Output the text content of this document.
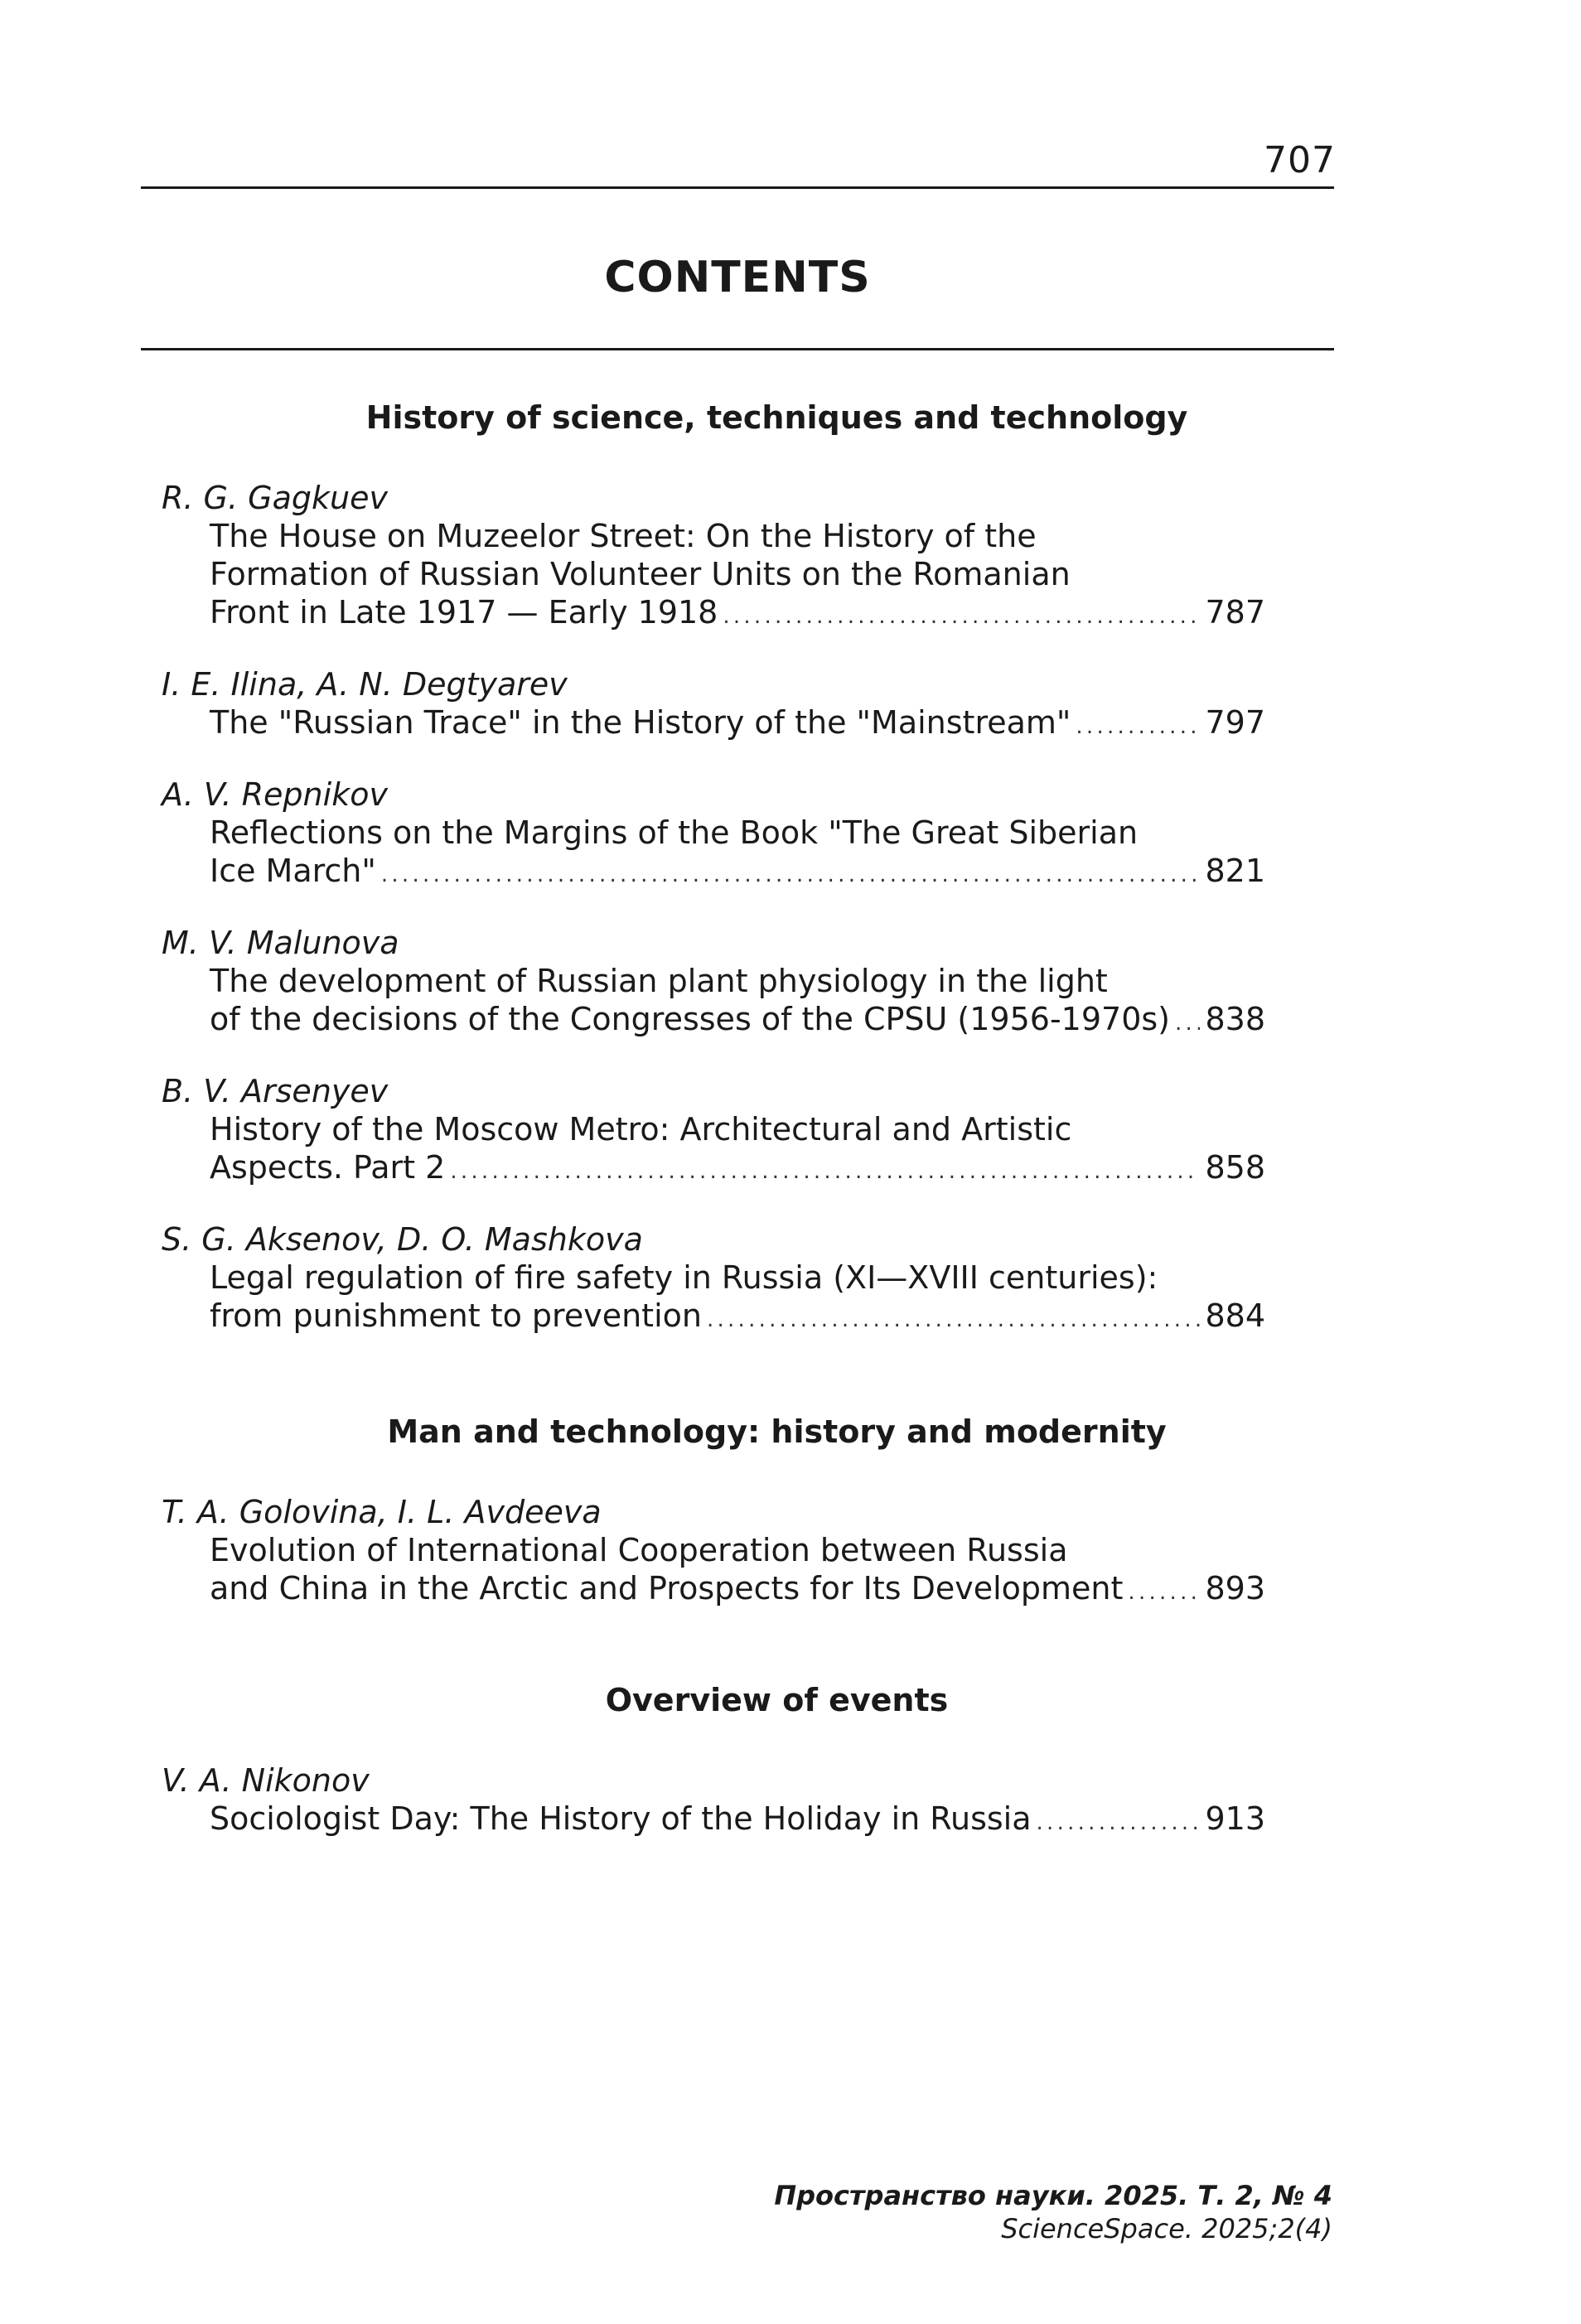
707
CONTENTS
History of science, techniques and technology
R. G. Gagkuev
The House on Muzeelor Street: On the History of the
Formation of Russian Volunteer Units on the Romanian
Front in Late 1917 — Early 1918 . . .	787
I. E. Ilina, A. N. Degtyarev
The "Russian Trace" in the History of the "Mainstream" . . .	797
A. V. Repnikov
Reflections on the Margins of the Book "The Great Siberian
Ice March" . . .	821
M. V. Malunova
The development of Russian plant physiology in the light
of the decisions of the Congresses of the CPSU (1956-1970s) . . . 838
B. V. Arsenyev
History of the Moscow Metro: Architectural and Artistic
Aspects. Part 2 . . .	858
S. G. Aksenov, D. O. Mashkova
Legal regulation of fire safety in Russia (XI—XVIII centuries):
from punishment to prevention . . .	884
Man and technology: history and modernity
T. A. Golovina, I. L. Avdeeva
Evolution of International Cooperation between Russia
and China in the Arctic and Prospects for Its Development . . .	893
Overview of events
V. A. Nikonov
Sociologist Day: The History of the Holiday in Russia . . .	913
Пространство науки. 2025. Т. 2, № 4
ScienceSpace. 2025;2(4)
